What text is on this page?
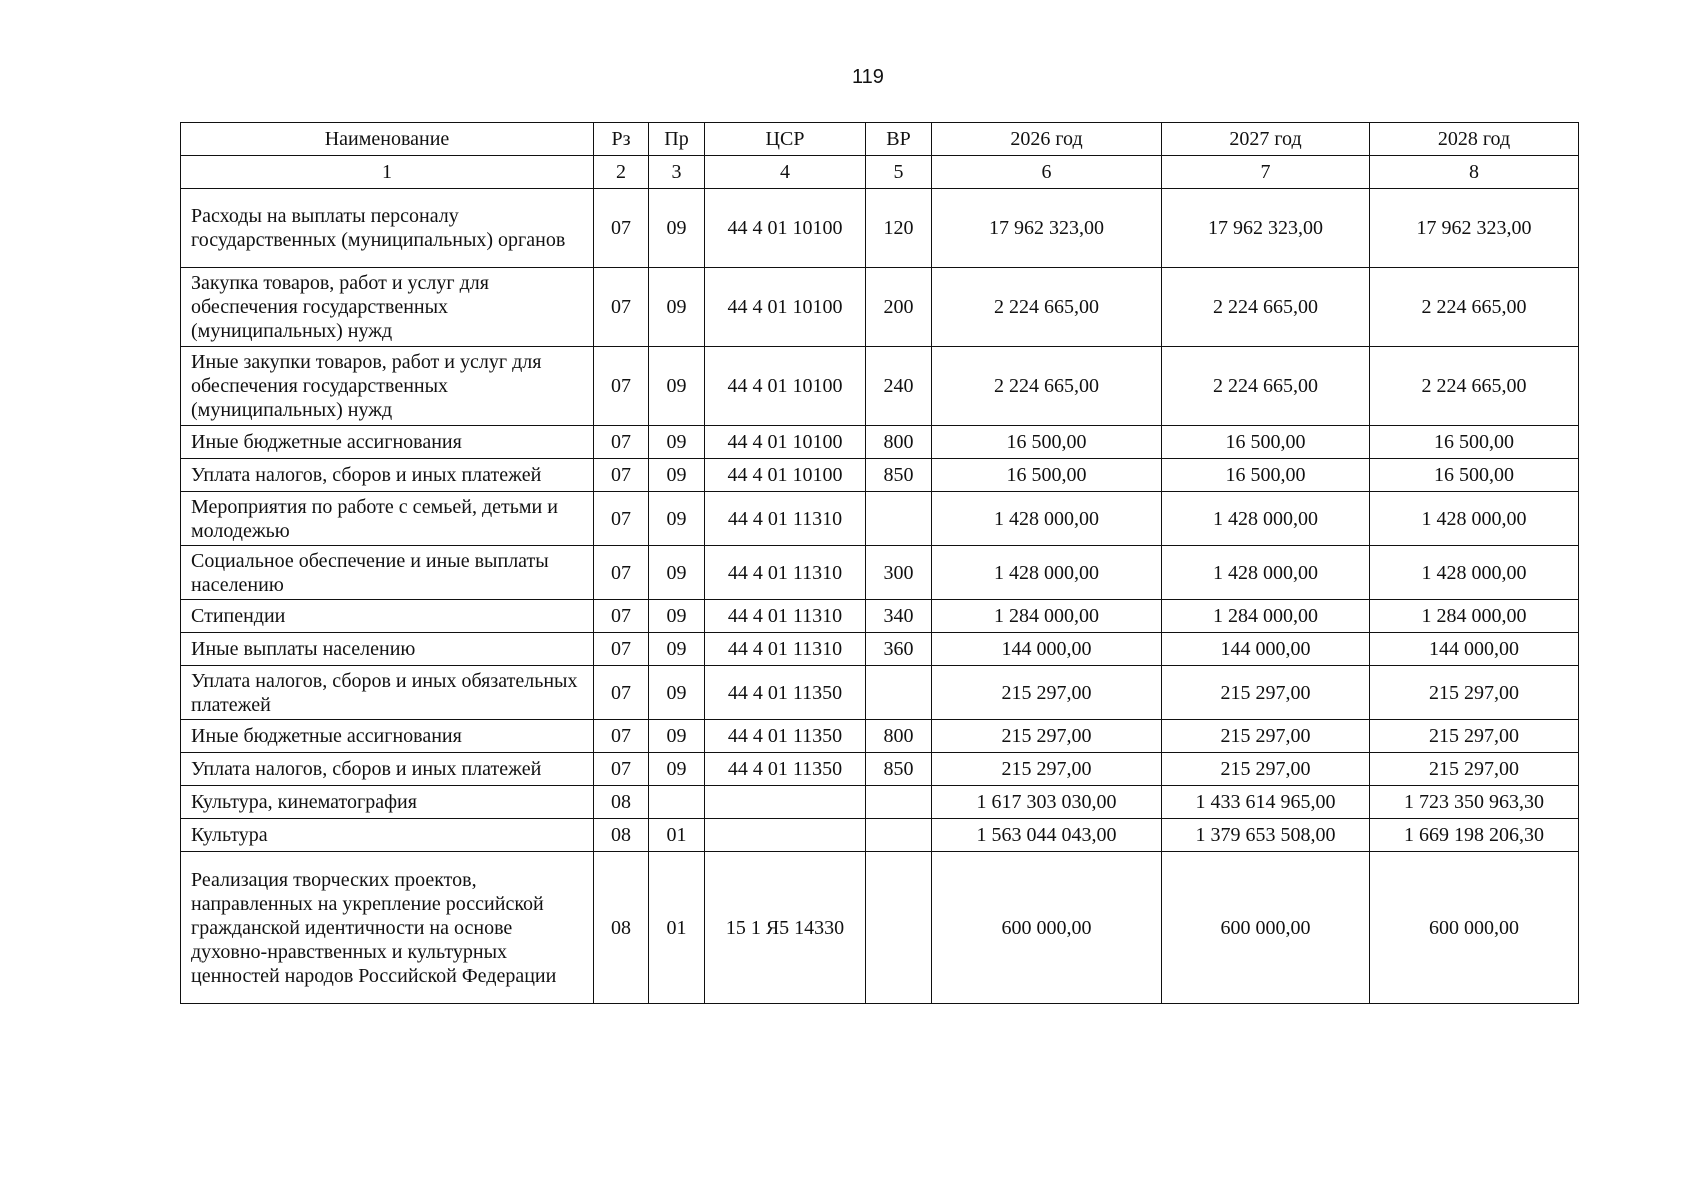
119
Наименование	Рз	Пр	ЦСР	ВР	2026 год	2027 год	2028 год
1	2	3	4	5	6	7	8
Расходы на выплаты персоналу государственных (муниципальных) органов	07	09	44 4 01 10100	120	17 962 323,00	17 962 323,00	17 962 323,00
Закупка товаров, работ и услуг для обеспечения государственных (муниципальных) нужд	07	09	44 4 01 10100	200	2 224 665,00	2 224 665,00	2 224 665,00
Иные закупки товаров, работ и услуг для обеспечения государственных (муниципальных) нужд	07	09	44 4 01 10100	240	2 224 665,00	2 224 665,00	2 224 665,00
Иные бюджетные ассигнования	07	09	44 4 01 10100	800	16 500,00	16 500,00	16 500,00
Уплата налогов, сборов и иных платежей	07	09	44 4 01 10100	850	16 500,00	16 500,00	16 500,00
Мероприятия по работе с семьей, детьми и молодежью	07	09	44 4 01 11310		1 428 000,00	1 428 000,00	1 428 000,00
Социальное обеспечение и иные выплаты населению	07	09	44 4 01 11310	300	1 428 000,00	1 428 000,00	1 428 000,00
Стипендии	07	09	44 4 01 11310	340	1 284 000,00	1 284 000,00	1 284 000,00
Иные выплаты населению	07	09	44 4 01 11310	360	144 000,00	144 000,00	144 000,00
Уплата налогов, сборов и иных обязательных платежей	07	09	44 4 01 11350		215 297,00	215 297,00	215 297,00
Иные бюджетные ассигнования	07	09	44 4 01 11350	800	215 297,00	215 297,00	215 297,00
Уплата налогов, сборов и иных платежей	07	09	44 4 01 11350	850	215 297,00	215 297,00	215 297,00
Культура, кинематография	08				1 617 303 030,00	1 433 614 965,00	1 723 350 963,30
Культура	08	01			1 563 044 043,00	1 379 653 508,00	1 669 198 206,30
Реализация творческих проектов, направленных на укрепление российской гражданской идентичности на основе духовно-нравственных и культурных ценностей народов Российской Федерации	08	01	15 1 Я5 14330		600 000,00	600 000,00	600 000,00
